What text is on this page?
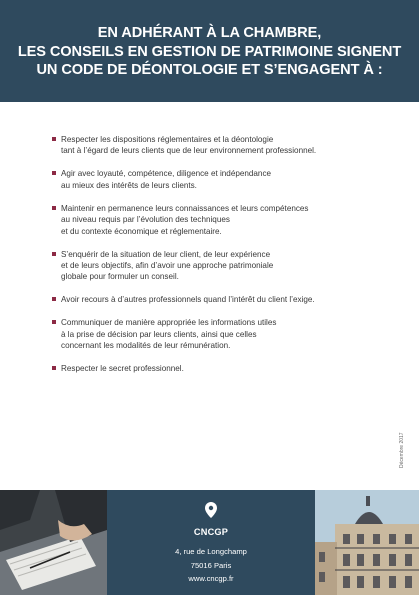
EN ADHÉRANT À LA CHAMBRE,
LES CONSEILS EN GESTION DE PATRIMOINE SIGNENT
UN CODE DE DÉONTOLOGIE ET S’ENGAGENT À :
Respecter les dispositions réglementaires et la déontologie
tant à l’égard de leurs clients que de leur environnement professionnel.
Agir avec loyauté, compétence, diligence et indépendance
au mieux des intérêts de leurs clients.
Maintenir en permanence leurs connaissances et leurs compétences
au niveau requis par l’évolution des techniques
et du contexte économique et réglementaire.
S’enquérir de la situation de leur client, de leur expérience
et de leurs objectifs, afin d’avoir une approche patrimoniale
globale pour formuler un conseil.
Avoir recours à d’autres professionnels quand l’intérêt du client l’exige.
Communiquer de manière appropriée les informations utiles
à la prise de décision par leurs clients, ainsi que celles
concernant les modalités de leur rémunération.
Respecter le secret professionnel.
Décembre 2017
CNCGP
4, rue de Longchamp
75016 Paris
www.cncgp.fr
